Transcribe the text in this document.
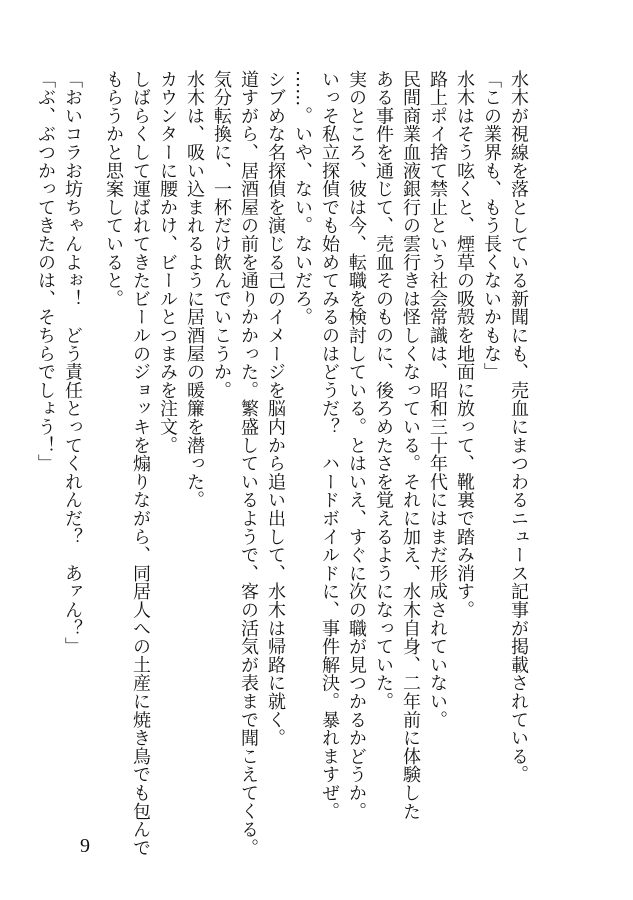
水木が視線を落としている新聞にも、売血にまつわるニュース記事が掲載されている。
「この業界も、もう長くないかもな」
水木はそう呟くと、煙草の吸殻を地面に放って、靴裏で踏み消す。
路上ポイ捨て禁止という社会常識は、昭和三十年代にはまだ形成されていない。
民間商業血液銀行の雲行きは怪しくなっている。それに加え、水木自身、二年前に体験した
ある事件を通じて、売血そのものに、後ろめたさを覚えるようになっていた。
実のところ、彼は今、転職を検討している。とはいえ、すぐに次の職が見つかるかどうか。
いっそ私立探偵でも始めてみるのはどうだ？　ハードボイルドに、事件解決。暴れますぜ。
……。いや、ない。ないだろ。
シブめな名探偵を演じる己のイメージを脳内から追い出して、水木は帰路に就く。
道すがら、居酒屋の前を通りかかった。繁盛しているようで、客の活気が表まで聞こえてくる。
気分転換に、一杯だけ飲んでいこうか。
水木は、吸い込まれるように居酒屋の暖簾を潜った。
カウンターに腰かけ、ビールとつまみを注文。
しばらくして運ばれてきたビールのジョッキを煽りながら、同居人への土産に焼き鳥でも包んで
もらうかと思案していると。
「おいコラお坊ちゃんよぉ！　どう責任とってくれんだ？　あァん？」
「ぶ、ぶつかってきたのは、そちらでしょう！」
9
